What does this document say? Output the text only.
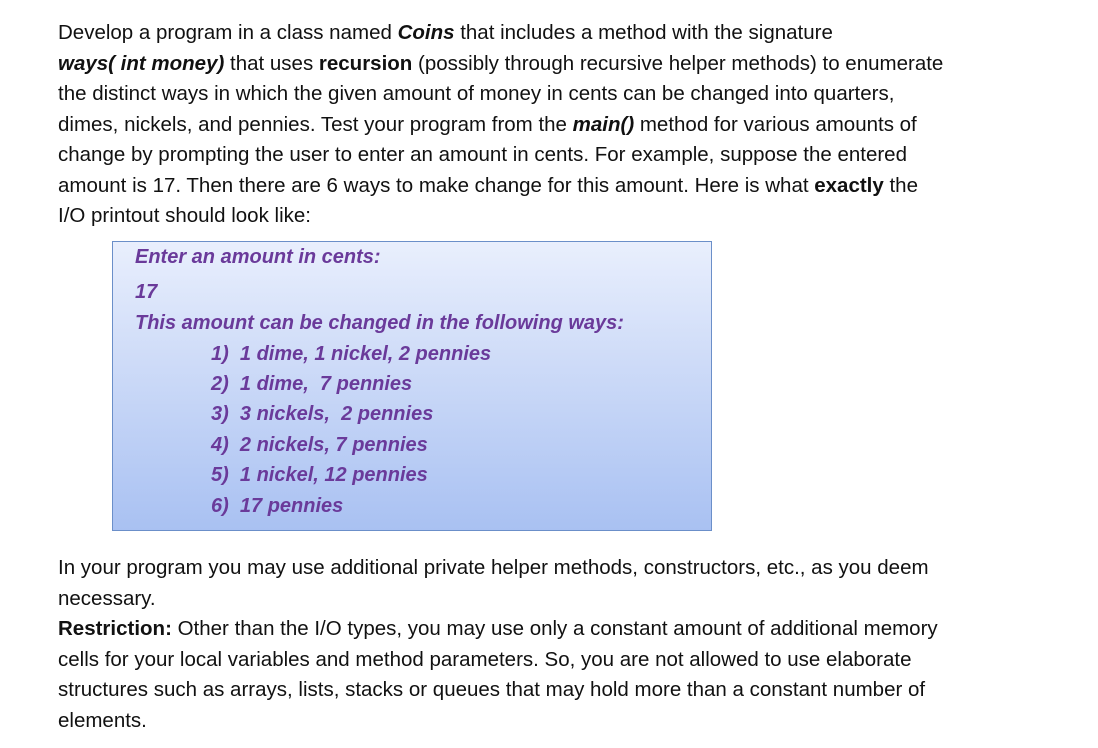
Develop a program in a class named Coins that includes a method with the signature

ways( int money) that uses recursion (possibly through recursive helper methods) to enumerate

the distinct ways in which the given amount of money in cents can be changed into quarters,

dimes, nickels, and pennies. Test your program from the main() method for various amounts of

change by prompting the user to enter an amount in cents. For example, suppose the entered

amount is 17. Then there are 6 ways to make change for this amount. Here is what exactly the

I/O printout should look like:

Enter an amount in cents:
17
This amount can be changed in the following ways:
1)  1 dime, 1 nickel, 2 pennies
2)  1 dime,  7 pennies
3)  3 nickels,  2 pennies
4)  2 nickels, 7 pennies
5)  1 nickel, 12 pennies
6)  17 pennies

In your program you may use additional private helper methods, constructors, etc., as you deem

necessary.

Restriction: Other than the I/O types, you may use only a constant amount of additional memory

cells for your local variables and method parameters. So, you are not allowed to use elaborate

structures such as arrays, lists, stacks or queues that may hold more than a constant number of

elements.
